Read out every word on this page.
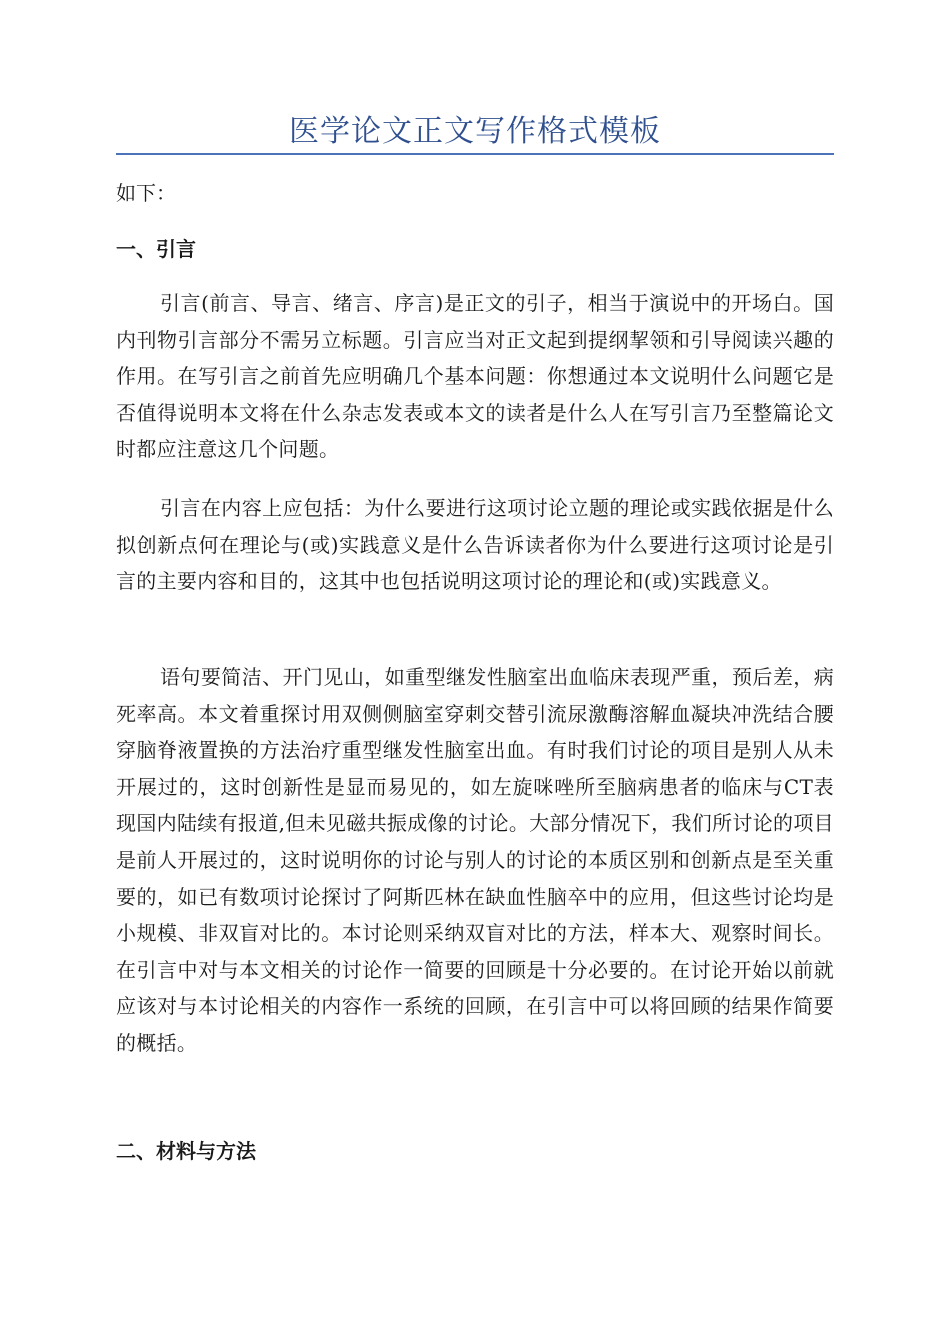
医学论文正文写作格式模板
如下：
一、引言

引言(前言、导言、绪言、序言)是正文的引子，相当于演说中的开场白。国内刊物引言部分不需另立标题。引言应当对正文起到提纲挈领和引导阅读兴趣的作用。在写引言之前首先应明确几个基本问题：你想通过本文说明什么问题它是否值得说明本文将在什么杂志发表或本文的读者是什么人在写引言乃至整篇论文时都应注意这几个问题。

引言在内容上应包括：为什么要进行这项讨论立题的理论或实践依据是什么拟创新点何在理论与(或)实践意义是什么告诉读者你为什么要进行这项讨论是引言的主要内容和目的，这其中也包括说明这项讨论的理论和(或)实践意义。

语句要简洁、开门见山，如重型继发性脑室出血临床表现严重，预后差，病死率高。本文着重探讨用双侧侧脑室穿刺交替引流尿激酶溶解血凝块冲洗结合腰穿脑脊液置换的方法治疗重型继发性脑室出血。有时我们讨论的项目是别人从未开展过的，这时创新性是显而易见的，如左旋咪唑所至脑病患者的临床与CT表现国内陆续有报道,但未见磁共振成像的讨论。大部分情况下，我们所讨论的项目是前人开展过的，这时说明你的讨论与别人的讨论的本质区别和创新点是至关重要的，如已有数项讨论探讨了阿斯匹林在缺血性脑卒中的应用，但这些讨论均是小规模、非双盲对比的。本讨论则采纳双盲对比的方法，样本大、观察时间长。在引言中对与本文相关的讨论作一简要的回顾是十分必要的。在讨论开始以前就应该对与本讨论相关的内容作一系统的回顾，在引言中可以将回顾的结果作简要的概括。

二、材料与方法
